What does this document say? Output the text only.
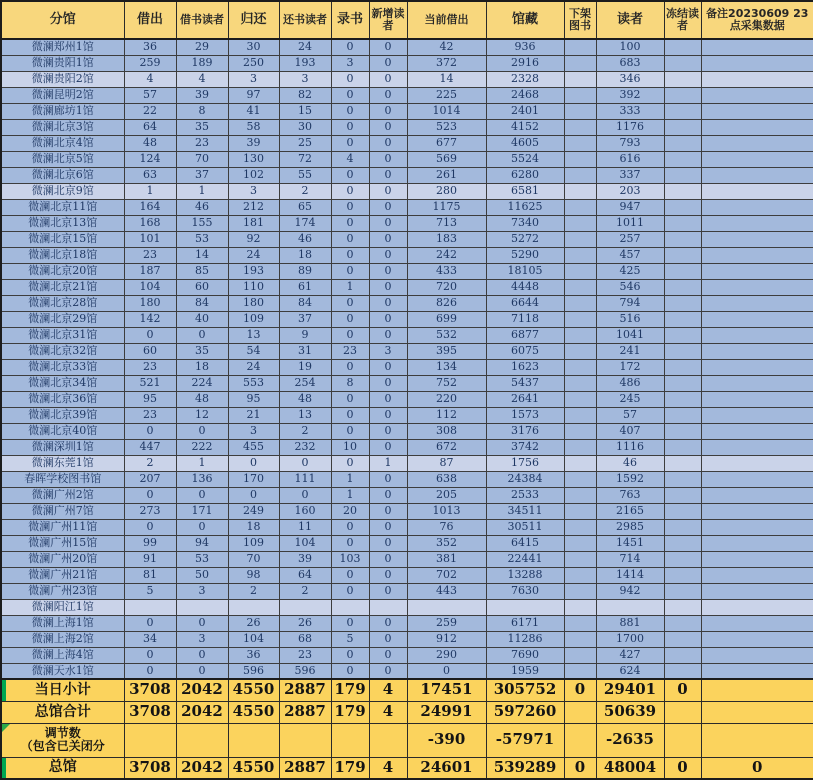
分馆	借出	借书读者	归还	还书读者	录书	新增读者	当前借出	馆藏	下架图书	读者	冻结读者	备注20230609 23点采集数据
微澜郑州1馆	36	29	30	24	0	0	42	936		100		
微澜贵阳1馆	259	189	250	193	3	0	372	2916		683		
微澜贵阳2馆	4	4	3	3	0	0	14	2328		346		
微澜昆明2馆	57	39	97	82	0	0	225	2468		392		
微澜廊坊1馆	22	8	41	15	0	0	1014	2401		333		
微澜北京3馆	64	35	58	30	0	0	523	4152		1176		
微澜北京4馆	48	23	39	25	0	0	677	4605		793		
微澜北京5馆	124	70	130	72	4	0	569	5524		616		
微澜北京6馆	63	37	102	55	0	0	261	6280		337		
微澜北京9馆	1	1	3	2	0	0	280	6581		203		
微澜北京11馆	164	46	212	65	0	0	1175	11625		947		
微澜北京13馆	168	155	181	174	0	0	713	7340		1011		
微澜北京15馆	101	53	92	46	0	0	183	5272		257		
微澜北京18馆	23	14	24	18	0	0	242	5290		457		
微澜北京20馆	187	85	193	89	0	0	433	18105		425		
微澜北京21馆	104	60	110	61	1	0	720	4448		546		
微澜北京28馆	180	84	180	84	0	0	826	6644		794		
微澜北京29馆	142	40	109	37	0	0	699	7118		516		
微澜北京31馆	0	0	13	9	0	0	532	6877		1041		
微澜北京32馆	60	35	54	31	23	3	395	6075		241		
微澜北京33馆	23	18	24	19	0	0	134	1623		172		
微澜北京34馆	521	224	553	254	8	0	752	5437		486		
微澜北京36馆	95	48	95	48	0	0	220	2641		245		
微澜北京39馆	23	12	21	13	0	0	112	1573		57		
微澜北京40馆	0	0	3	2	0	0	308	3176		407		
微澜深圳1馆	447	222	455	232	10	0	672	3742		1116		
微澜东莞1馆	2	1	0	0	0	1	87	1756		46		
春晖学校图书馆	207	136	170	111	1	0	638	24384		1592		
微澜广州2馆	0	0	0	0	1	0	205	2533		763		
微澜广州7馆	273	171	249	160	20	0	1013	34511		2165		
微澜广州11馆	0	0	18	11	0	0	76	30511		2985		
微澜广州15馆	99	94	109	104	0	0	352	6415		1451		
微澜广州20馆	91	53	70	39	103	0	381	22441		714		
微澜广州21馆	81	50	98	64	0	0	702	13288		1414		
微澜广州23馆	5	3	2	2	0	0	443	7630		942		
微澜阳江1馆												
微澜上海1馆	0	0	26	26	0	0	259	6171		881		
微澜上海2馆	34	3	104	68	5	0	912	11286		1700		
微澜上海4馆	0	0	36	23	0	0	290	7690		427		
微澜天水1馆	0	0	596	596	0	0	0	1959		624		

当日小计	3708	2042	4550	2887	179	4	17451	305752	0	29401	0	

总馆合计	3708	2042	4550	2887	179	4	24991	597260		50639		

调节数
（包含已关闭分							-390	-57971		-2635		

总馆	3708	2042	4550	2887	179	4	24601	539289	0	48004	0	0
